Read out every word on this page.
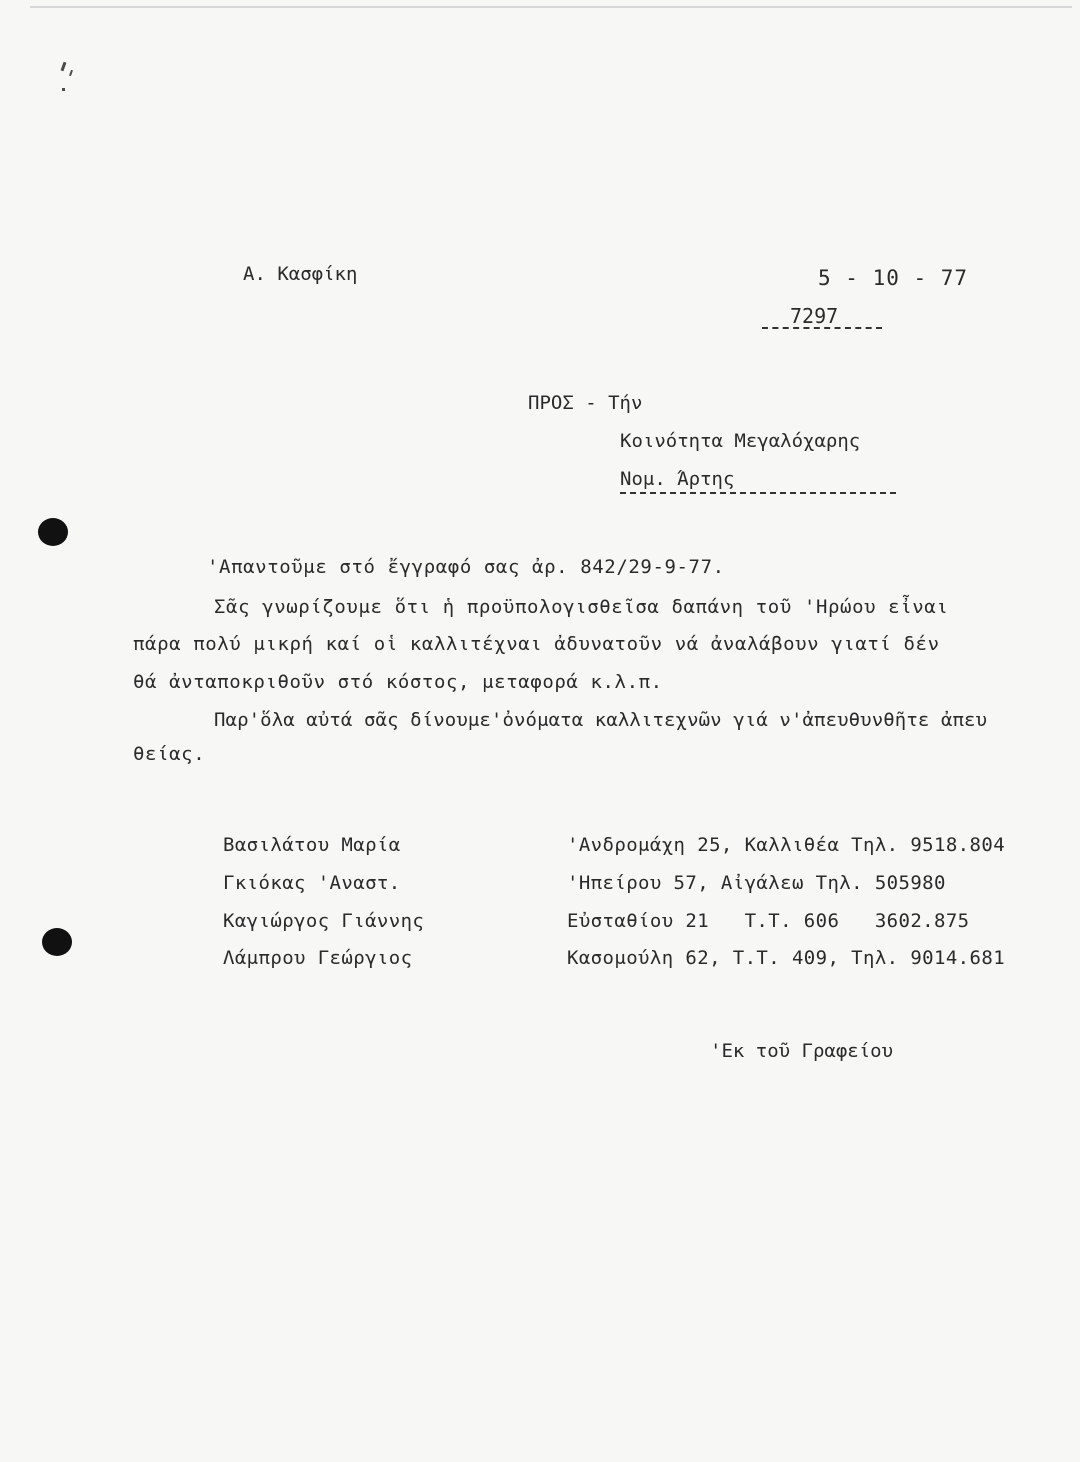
Α. Κασφίκη	5 - 10 - 77
7297
ΠΡΟΣ - Τήν
Κοινότητα Μεγαλόχαρης
Νομ. Άρτης
'Απαντοῦμε στό ἔγγραφό σας ἀρ. 842/29-9-77.
Σᾶς γνωρίζουμε ὅτι ἡ προϋπολογισθεῖσα δαπάνη τοῦ 'Ηρώου εἶναι
πάρα πολύ μικρή καί οἱ καλλιτέχναι ἀδυνατοῦν νά ἀναλάβουν γιατί δέν
θά ἀνταποκριθοῦν στό κόστος, μεταφορά κ.λ.π.
Παρ'ὅλα αὐτά σᾶς δίνουμε'ὀνόματα καλλιτεχνῶν γιά ν'ἀπευθυνθῆτε ἀπευ
θείας.
Βασιλάτου Μαρία	'Ανδρομάχη 25, Καλλιθέα Τηλ. 9518.804
Γκιόκας 'Αναστ.	'Ηπείρου 57, Αἰγάλεω Τηλ. 505980
Καγιώργος Γιάννης	Εὐσταθίου 21   Τ.Τ. 606   3602.875
Λάμπρου Γεώργιος	Κασομούλη 62, Τ.Τ. 409, Τηλ. 9014.681
'Εκ τοῦ Γραφείου
